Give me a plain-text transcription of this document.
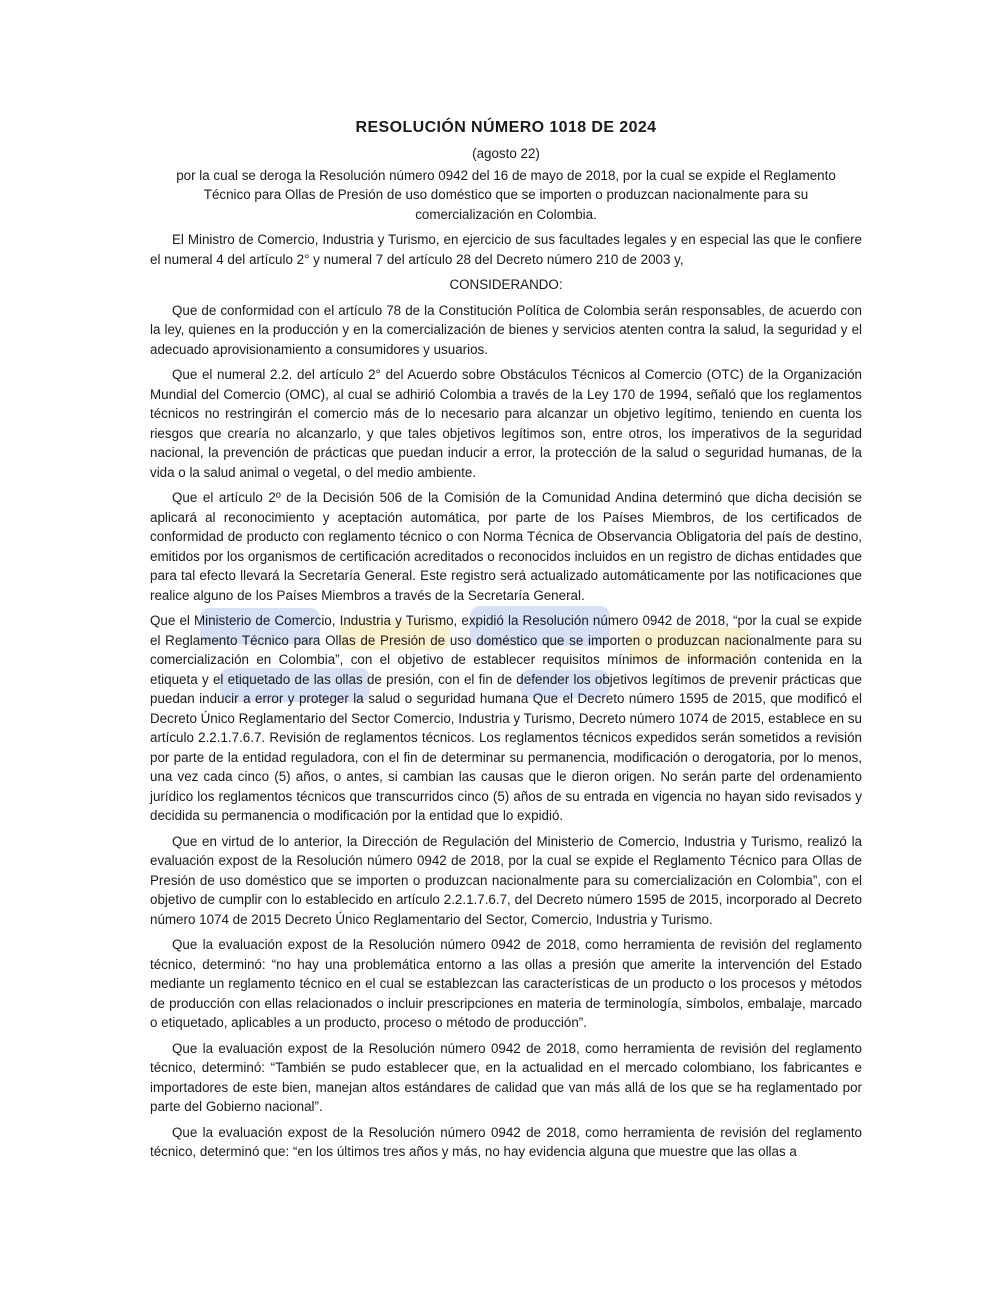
RESOLUCIÓN NÚMERO 1018 DE 2024
(agosto 22)
por la cual se deroga la Resolución número 0942 del 16 de mayo de 2018, por la cual se expide el Reglamento Técnico para Ollas de Presión de uso doméstico que se importen o produzcan nacionalmente para su comercialización en Colombia.

El Ministro de Comercio, Industria y Turismo, en ejercicio de sus facultades legales y en especial las que le confiere el numeral 4 del artículo 2° y numeral 7 del artículo 28 del Decreto número 210 de 2003 y,

CONSIDERANDO:

Que de conformidad con el artículo 78 de la Constitución Política de Colombia serán responsables, de acuerdo con la ley, quienes en la producción y en la comercialización de bienes y servicios atenten contra la salud, la seguridad y el adecuado aprovisionamiento a consumidores y usuarios.

Que el numeral 2.2. del artículo 2° del Acuerdo sobre Obstáculos Técnicos al Comercio (OTC) de la Organización Mundial del Comercio (OMC), al cual se adhirió Colombia a través de la Ley 170 de 1994, señaló que los reglamentos técnicos no restringirán el comercio más de lo necesario para alcanzar un objetivo legítimo, teniendo en cuenta los riesgos que crearía no alcanzarlo, y que tales objetivos legítimos son, entre otros, los imperativos de la seguridad nacional, la prevención de prácticas que puedan inducir a error, la protección de la salud o seguridad humanas, de la vida o la salud animal o vegetal, o del medio ambiente.

Que el artículo 2º de la Decisión 506 de la Comisión de la Comunidad Andina determinó que dicha decisión se aplicará al reconocimiento y aceptación automática, por parte de los Países Miembros, de los certificados de conformidad de producto con reglamento técnico o con Norma Técnica de Observancia Obligatoria del país de destino, emitidos por los organismos de certificación acreditados o reconocidos incluidos en un registro de dichas entidades que para tal efecto llevará la Secretaría General. Este registro será actualizado automáticamente por las notificaciones que realice alguno de los Países Miembros a través de la Secretaría General.

Que el Ministerio de Comercio, Industria y Turismo, expidió la Resolución número 0942 de 2018, “por la cual se expide el Reglamento Técnico para Ollas de Presión de uso doméstico que se importen o produzcan nacionalmente para su comercialización en Colombia”, con el objetivo de establecer requisitos mínimos de información contenida en la etiqueta y el etiquetado de las ollas de presión, con el fin de defender los objetivos legítimos de prevenir prácticas que puedan inducir a error y proteger la salud o seguridad humana Que el Decreto número 1595 de 2015, que modificó el Decreto Único Reglamentario del Sector Comercio, Industria y Turismo, Decreto número 1074 de 2015, establece en su artículo 2.2.1.7.6.7. Revisión de reglamentos técnicos. Los reglamentos técnicos expedidos serán sometidos a revisión por parte de la entidad reguladora, con el fin de determinar su permanencia, modificación o derogatoria, por lo menos, una vez cada cinco (5) años, o antes, si cambian las causas que le dieron origen. No serán parte del ordenamiento jurídico los reglamentos técnicos que transcurridos cinco (5) años de su entrada en vigencia no hayan sido revisados y decidida su permanencia o modificación por la entidad que lo expidió.

Que en virtud de lo anterior, la Dirección de Regulación del Ministerio de Comercio, Industria y Turismo, realizó la evaluación expost de la Resolución número 0942 de 2018, por la cual se expide el Reglamento Técnico para Ollas de Presión de uso doméstico que se importen o produzcan nacionalmente para su comercialización en Colombia”, con el objetivo de cumplir con lo establecido en artículo 2.2.1.7.6.7, del Decreto número 1595 de 2015, incorporado al Decreto número 1074 de 2015 Decreto Único Reglamentario del Sector, Comercio, Industria y Turismo.

Que la evaluación expost de la Resolución número 0942 de 2018, como herramienta de revisión del reglamento técnico, determinó: “no hay una problemática entorno a las ollas a presión que amerite la intervención del Estado mediante un reglamento técnico en el cual se establezcan las características de un producto o los procesos y métodos de producción con ellas relacionados o incluir prescripciones en materia de terminología, símbolos, embalaje, marcado o etiquetado, aplicables a un producto, proceso o método de producción”.

Que la evaluación expost de la Resolución número 0942 de 2018, como herramienta de revisión del reglamento técnico, determinó: “También se pudo establecer que, en la actualidad en el mercado colombiano, los fabricantes e importadores de este bien, manejan altos estándares de calidad que van más allá de los que se ha reglamentado por parte del Gobierno nacional”.

Que la evaluación expost de la Resolución número 0942 de 2018, como herramienta de revisión del reglamento técnico, determinó que: “en los últimos tres años y más, no hay evidencia alguna que muestre que las ollas a
